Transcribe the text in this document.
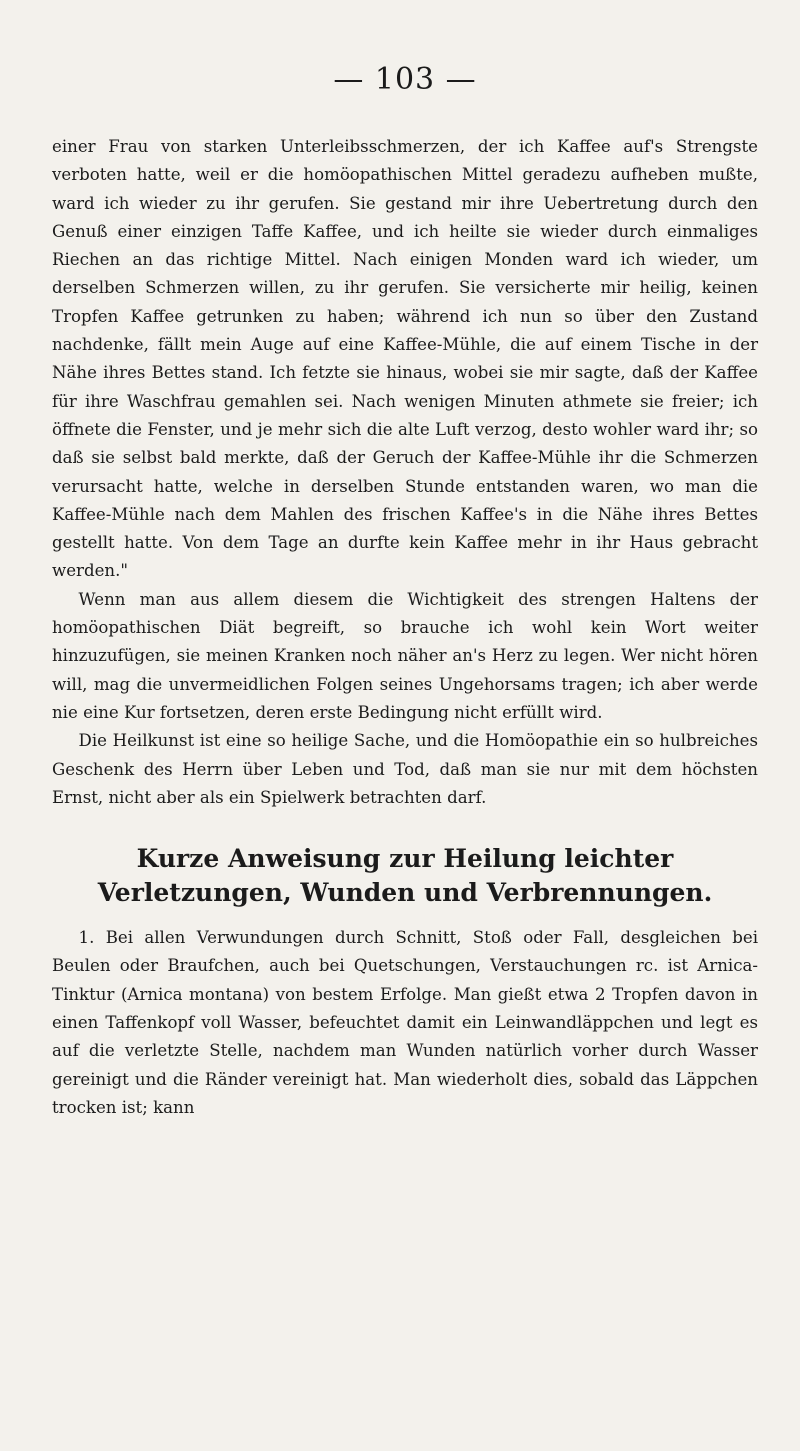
— 103 —

einer Frau von starken Unterleibsschmerzen, der ich Kaffee auf's Strengste verboten hatte, weil er die homöopathischen Mittel geradezu aufheben mußte, ward ich wieder zu ihr gerufen. Sie gestand mir ihre Uebertretung durch den Genuß einer einzigen Taffe Kaffee, und ich heilte sie wieder durch einmaliges Riechen an das richtige Mittel. Nach einigen Monden ward ich wieder, um derselben Schmerzen willen, zu ihr gerufen. Sie versicherte mir heilig, keinen Tropfen Kaffee getrunken zu haben; während ich nun so über den Zustand nachdenke, fällt mein Auge auf eine Kaffee-Mühle, die auf einem Tische in der Nähe ihres Bettes stand. Ich fetzte sie hinaus, wobei sie mir sagte, daß der Kaffee für ihre Waschfrau gemahlen sei. Nach wenigen Minuten athmete sie freier; ich öffnete die Fenster, und je mehr sich die alte Luft verzog, desto wohler ward ihr; so daß sie selbst bald merkte, daß der Geruch der Kaffee-Mühle ihr die Schmerzen verursacht hatte, welche in derselben Stunde entstanden waren, wo man die Kaffee-Mühle nach dem Mahlen des frischen Kaffee's in die Nähe ihres Bettes gestellt hatte. Von dem Tage an durfte kein Kaffee mehr in ihr Haus gebracht werden."

Wenn man aus allem diesem die Wichtigkeit des strengen Haltens der homöopathischen Diät begreift, so brauche ich wohl kein Wort weiter hinzuzufügen, sie meinen Kranken noch näher an's Herz zu legen. Wer nicht hören will, mag die unvermeidlichen Folgen seines Ungehorsams tragen; ich aber werde nie eine Kur fortsetzen, deren erste Bedingung nicht erfüllt wird.

Die Heilkunst ist eine so heilige Sache, und die Homöopathie ein so hulbreiches Geschenk des Herrn über Leben und Tod, daß man sie nur mit dem höchsten Ernst, nicht aber als ein Spielwerk betrachten darf.

Kurze Anweisung zur Heilung leichter Verletzungen, Wunden und Verbrennungen.

1. Bei allen Verwundungen durch Schnitt, Stoß oder Fall, desgleichen bei Beulen oder Braufchen, auch bei Quetschungen, Verstauchungen rc. ist Arnica-Tinktur (Arnica montana) von bestem Erfolge. Man gießt etwa 2 Tropfen davon in einen Taffenkopf voll Wasser, befeuchtet damit ein Leinwandläppchen und legt es auf die verletzte Stelle, nachdem man Wunden natürlich vorher durch Wasser gereinigt und die Ränder vereinigt hat. Man wiederholt dies, sobald das Läppchen trocken ist; kann
